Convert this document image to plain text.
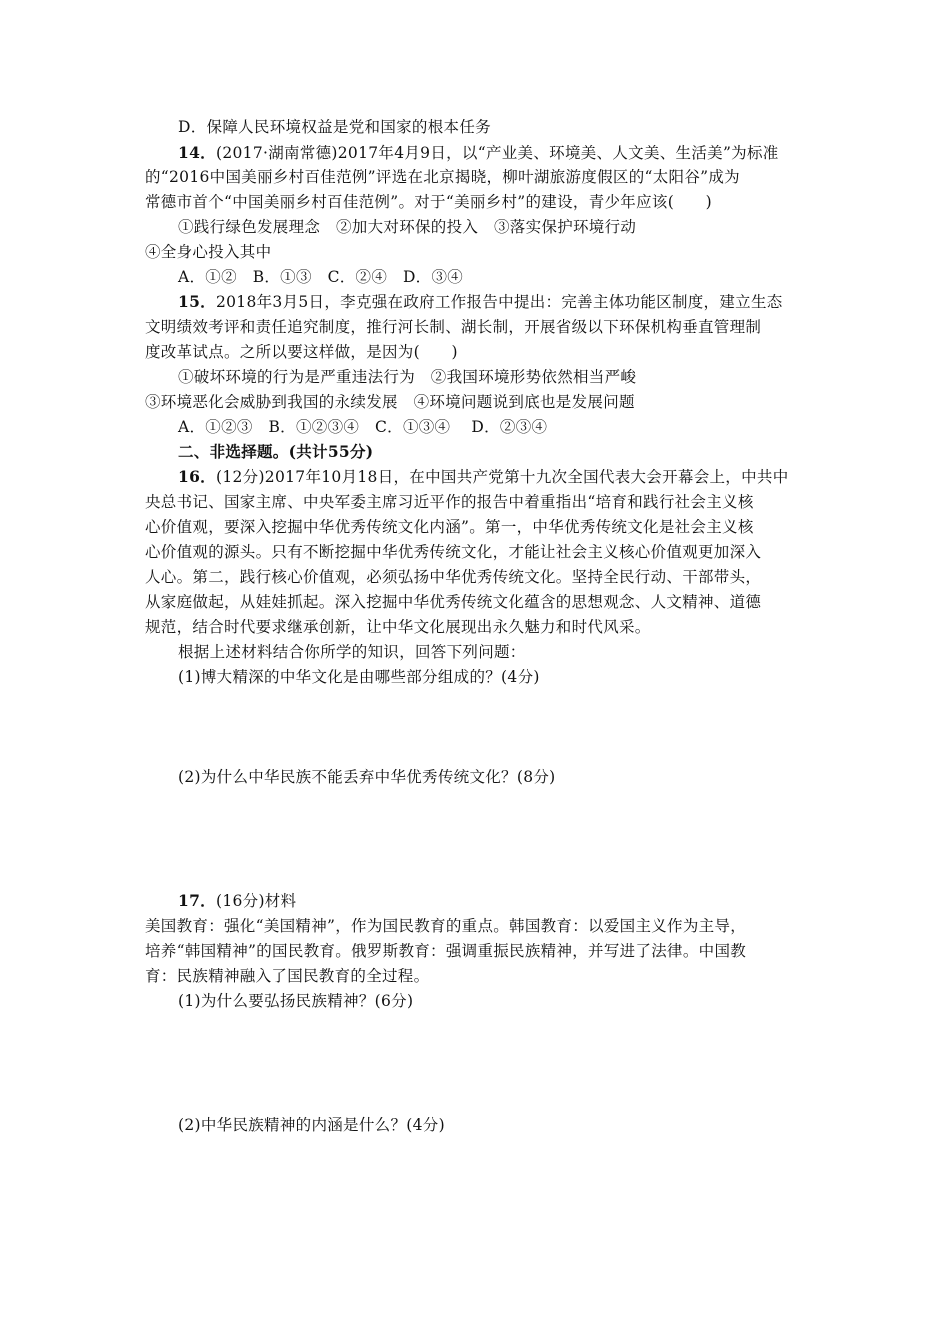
D．保障人民环境权益是党和国家的根本任务
14．(2017·湖南常德)2017年4月9日，以“产业美、环境美、人文美、生活美”为标准
的“2016中国美丽乡村百佳范例”评选在北京揭晓，柳叶湖旅游度假区的“太阳谷”成为
常德市首个“中国美丽乡村百佳范例”。对于“美丽乡村”的建设，青少年应该(　　)
①践行绿色发展理念　②加大对环保的投入　③落实保护环境行动
④全身心投入其中
A．①②　B．①③　C．②④　D．③④
15．2018年3月5日，李克强在政府工作报告中提出：完善主体功能区制度，建立生态
文明绩效考评和责任追究制度，推行河长制、湖长制，开展省级以下环保机构垂直管理制
度改革试点。之所以要这样做，是因为(　　)
①破坏环境的行为是严重违法行为　②我国环境形势依然相当严峻
③环境恶化会威胁到我国的永续发展　④环境问题说到底也是发展问题
A．①②③　B．①②③④　C．①③④　 D．②③④
二、非选择题。(共计55分)
16．(12分)2017年10月18日，在中国共产党第十九次全国代表大会开幕会上，中共中
央总书记、国家主席、中央军委主席习近平作的报告中着重指出“培育和践行社会主义核
心价值观，要深入挖掘中华优秀传统文化内涵”。第一，中华优秀传统文化是社会主义核
心价值观的源头。只有不断挖掘中华优秀传统文化，才能让社会主义核心价值观更加深入
人心。第二，践行核心价值观，必须弘扬中华优秀传统文化。坚持全民行动、干部带头，
从家庭做起，从娃娃抓起。深入挖掘中华优秀传统文化蕴含的思想观念、人文精神、道德
规范，结合时代要求继承创新，让中华文化展现出永久魅力和时代风采。
根据上述材料结合你所学的知识，回答下列问题：
(1)博大精深的中华文化是由哪些部分组成的？(4分)
(2)为什么中华民族不能丢弃中华优秀传统文化？(8分)
17．(16分)材料
美国教育：强化“美国精神”，作为国民教育的重点。韩国教育：以爱国主义作为主导，
培养“韩国精神”的国民教育。俄罗斯教育：强调重振民族精神，并写进了法律。中国教
育：民族精神融入了国民教育的全过程。
(1)为什么要弘扬民族精神？(6分)
(2)中华民族精神的内涵是什么？(4分)
